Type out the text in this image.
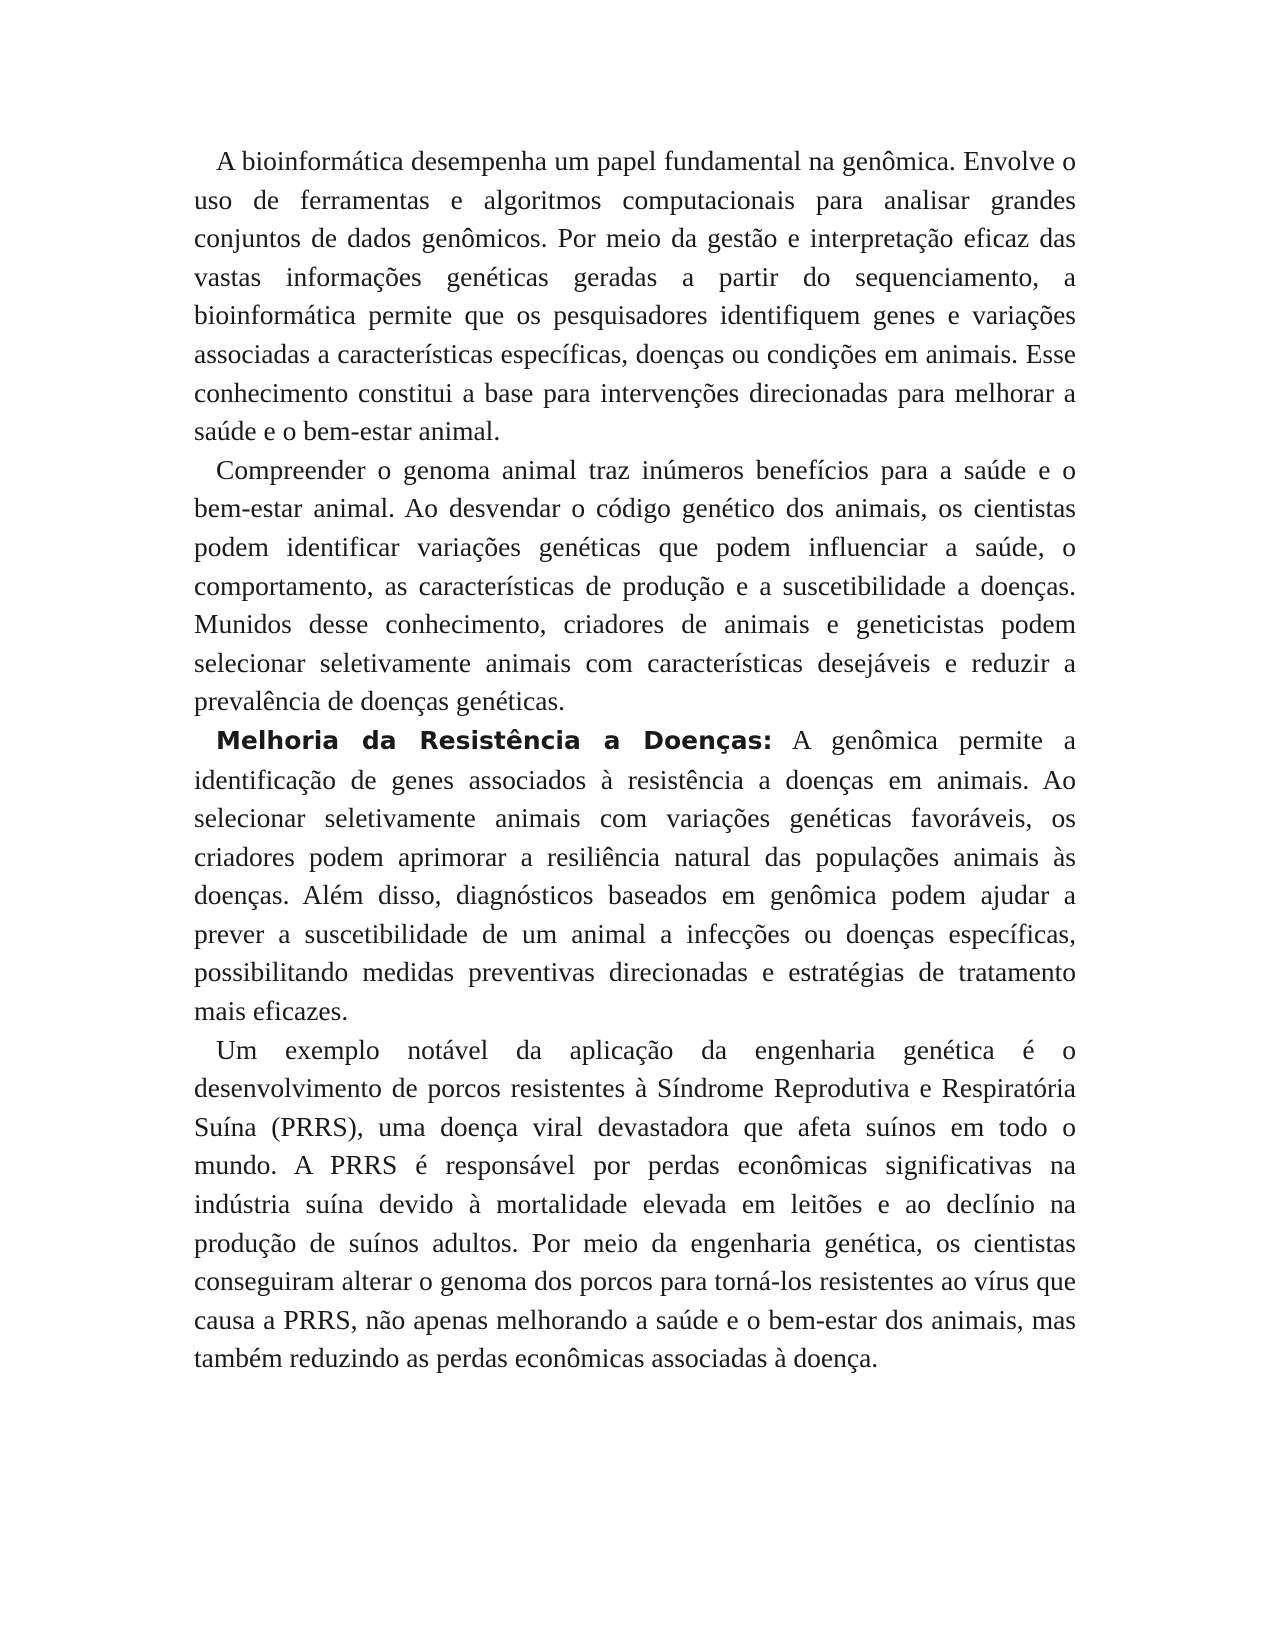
A bioinformática desempenha um papel fundamental na genômica. Envolve o uso de ferramentas e algoritmos computacionais para analisar grandes conjuntos de dados genômicos. Por meio da gestão e interpretação eficaz das vastas informações genéticas geradas a partir do sequenciamento, a bioinformática permite que os pesquisadores identifiquem genes e variações associadas a características específicas, doenças ou condições em animais. Esse conhecimento constitui a base para intervenções direcionadas para melhorar a saúde e o bem-estar animal.

Compreender o genoma animal traz inúmeros benefícios para a saúde e o bem-estar animal. Ao desvendar o código genético dos animais, os cientistas podem identificar variações genéticas que podem influenciar a saúde, o comportamento, as características de produção e a suscetibilidade a doenças. Munidos desse conhecimento, criadores de animais e geneticistas podem selecionar seletivamente animais com características desejáveis e reduzir a prevalência de doenças genéticas.

Melhoria da Resistência a Doenças: A genômica permite a identificação de genes associados à resistência a doenças em animais. Ao selecionar seletivamente animais com variações genéticas favoráveis, os criadores podem aprimorar a resiliência natural das populações animais às doenças. Além disso, diagnósticos baseados em genômica podem ajudar a prever a suscetibilidade de um animal a infecções ou doenças específicas, possibilitando medidas preventivas direcionadas e estratégias de tratamento mais eficazes.

Um exemplo notável da aplicação da engenharia genética é o desenvolvimento de porcos resistentes à Síndrome Reprodutiva e Respiratória Suína (PRRS), uma doença viral devastadora que afeta suínos em todo o mundo. A PRRS é responsável por perdas econômicas significativas na indústria suína devido à mortalidade elevada em leitões e ao declínio na produção de suínos adultos. Por meio da engenharia genética, os cientistas conseguiram alterar o genoma dos porcos para torná-los resistentes ao vírus que causa a PRRS, não apenas melhorando a saúde e o bem-estar dos animais, mas também reduzindo as perdas econômicas associadas à doença.
